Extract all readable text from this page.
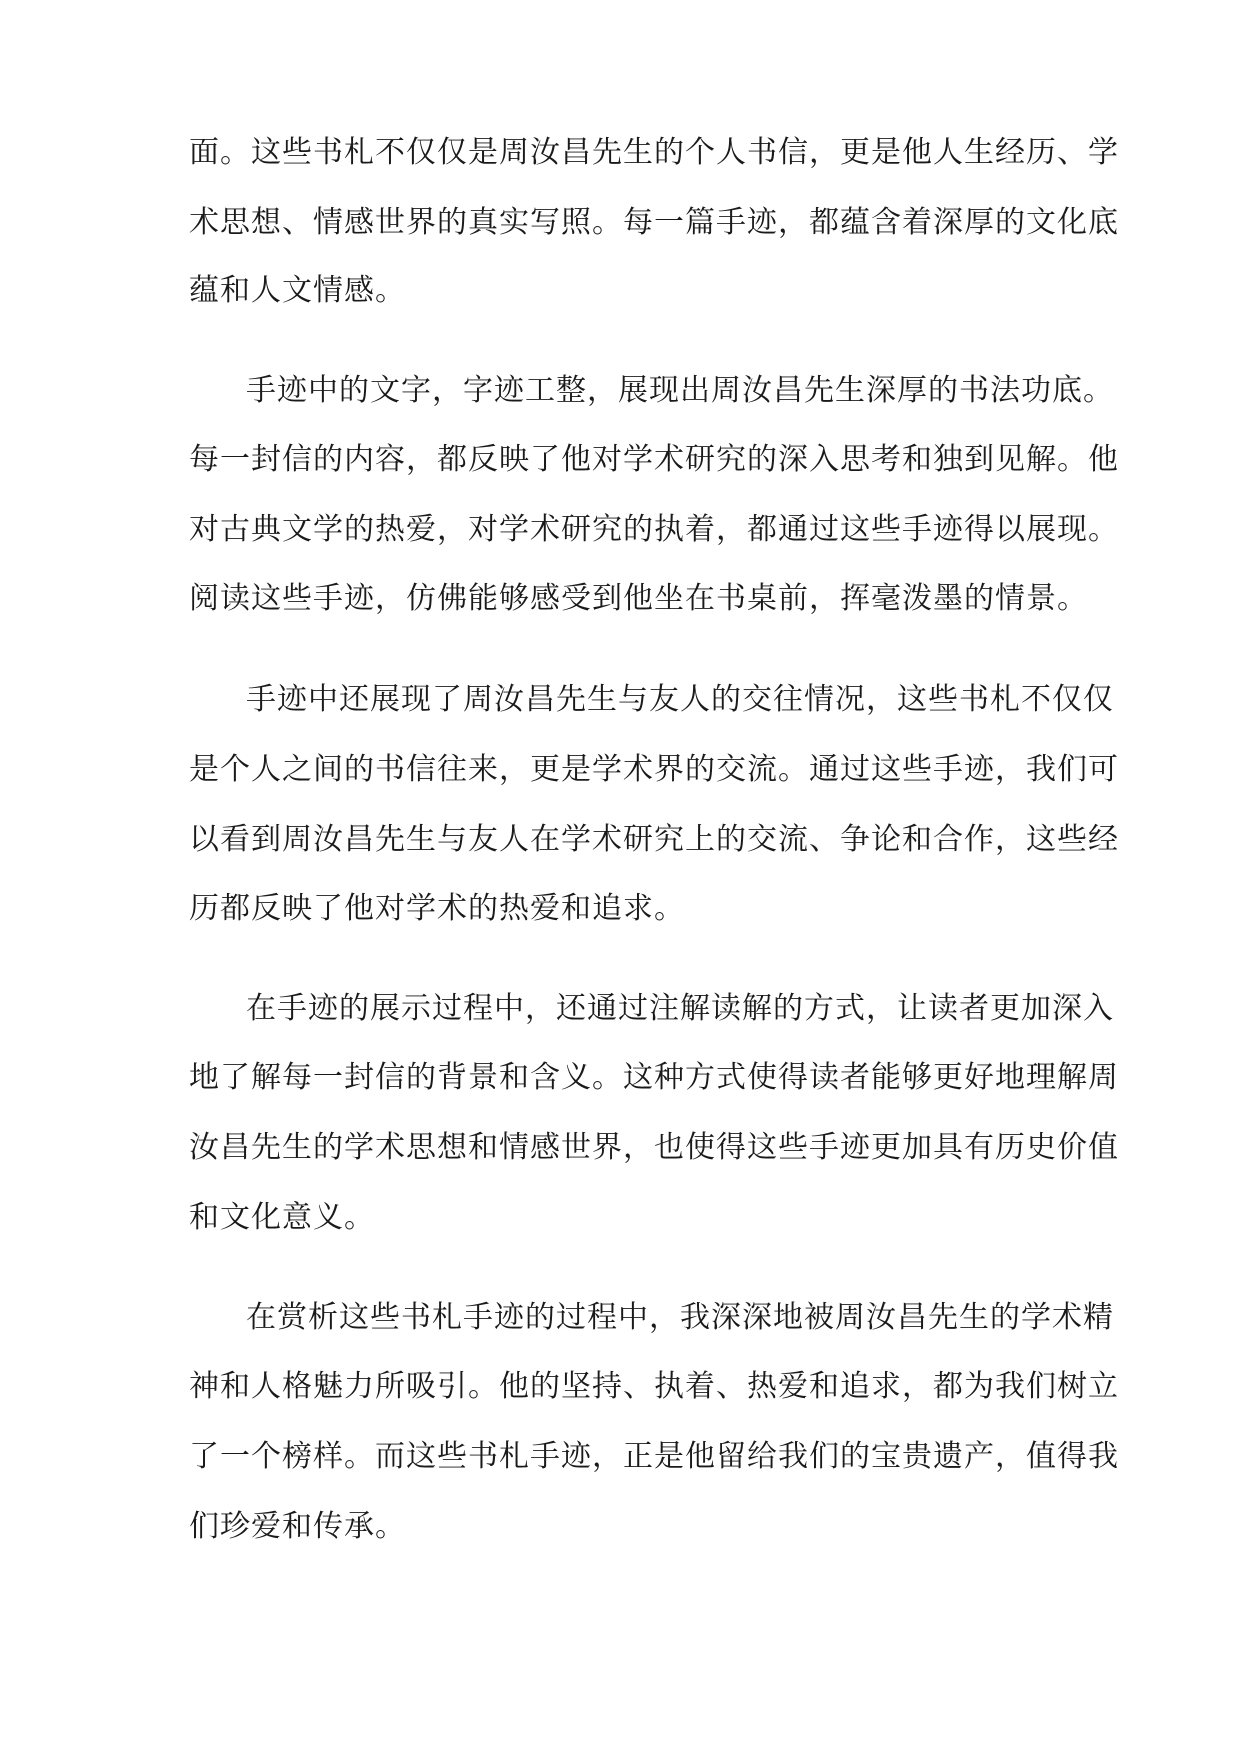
面。这些书札不仅仅是周汝昌先生的个人书信，更是他人生经历、学
术思想、情感世界的真实写照。每一篇手迹，都蕴含着深厚的文化底
蕴和人文情感。
手迹中的文字，字迹工整，展现出周汝昌先生深厚的书法功底。
每一封信的内容，都反映了他对学术研究的深入思考和独到见解。他
对古典文学的热爱，对学术研究的执着，都通过这些手迹得以展现。
阅读这些手迹，仿佛能够感受到他坐在书桌前，挥毫泼墨的情景。
手迹中还展现了周汝昌先生与友人的交往情况，这些书札不仅仅
是个人之间的书信往来，更是学术界的交流。通过这些手迹，我们可
以看到周汝昌先生与友人在学术研究上的交流、争论和合作，这些经
历都反映了他对学术的热爱和追求。
在手迹的展示过程中，还通过注解读解的方式，让读者更加深入
地了解每一封信的背景和含义。这种方式使得读者能够更好地理解周
汝昌先生的学术思想和情感世界，也使得这些手迹更加具有历史价值
和文化意义。
在赏析这些书札手迹的过程中，我深深地被周汝昌先生的学术精
神和人格魅力所吸引。他的坚持、执着、热爱和追求，都为我们树立
了一个榜样。而这些书札手迹，正是他留给我们的宝贵遗产，值得我
们珍爱和传承。
